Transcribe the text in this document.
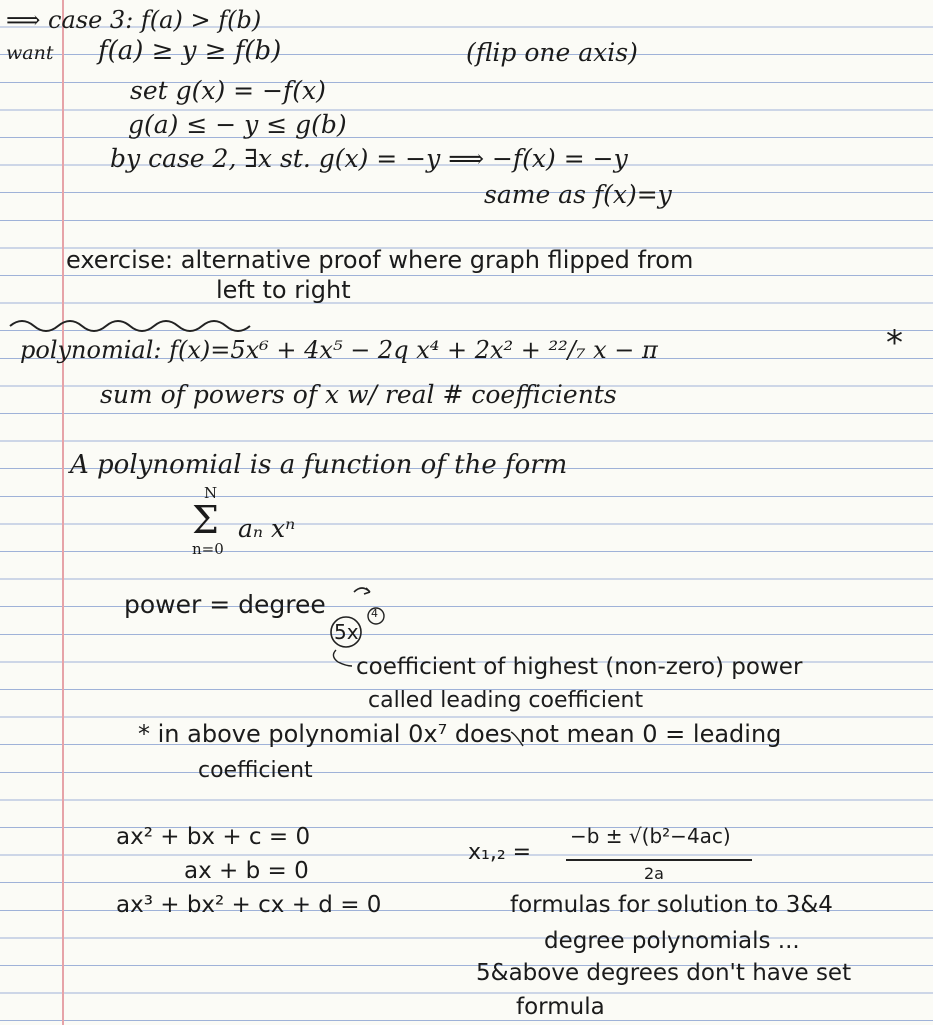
⟹ case 3: f(a) > f(b)
want f(a) ≥ y ≥ f(b)	(flip one axis)
set g(x) = −f(x)
g(a) ≤ − y ≤ g(b)
by case 2, ∃x st. g(x) = −y ⟹ −f(x) = −y
same as f(x)=y
exercise: alternative proof where graph flipped from
left to right
polynomial: f(x)=5x⁶ + 4x⁵ − 2q x⁴ + 2x² + ²²/₇ x − π	*
sum of powers of x w/ real # coefficients
A polynomial is a function of the form
N
Σ aₙ xⁿ
n=0
power = degree
5x
4
coefficient of highest (non-zero) power
called leading coefficient
* in above polynomial 0x⁷ does not mean 0 = leading
coefficient
ax² + bx + c = 0
ax + b = 0
ax³ + bx² + cx + d = 0
x₁,₂ =
−b ± √(b²−4ac)
2a
formulas for solution to 3&4
degree polynomials ...
5&above degrees don't have set
formula
